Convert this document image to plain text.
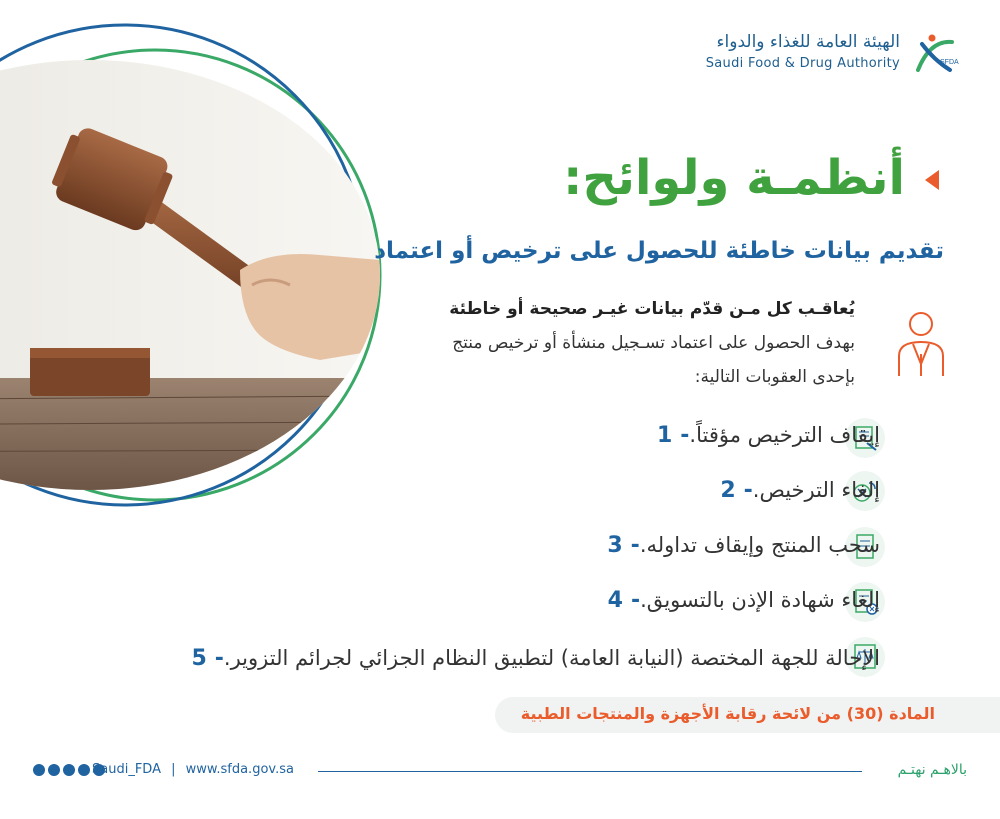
الهيئة العامة للغذاء والدواء
Saudi Food & Drug Authority	SFDA
أنظمـة ولوائح:
تقديم بيانات خاطئة للحصول على ترخيص أو اعتماد
يُعاقـب كل مـن قدّم بيانات غيـر صحيحة أو خاطئة بهدف الحصول على اعتماد تسـجيل منشأة أو ترخيص منتج بإحدى العقوبات التالية:
1 - إيقاف الترخيص مؤقتاً.
2 - إلغاء الترخيص.
3 - سحب المنتج وإيقاف تداوله.
4 - إلغاء شهادة الإذن بالتسويق.
5 - الإحالة للجهة المختصة (النيابة العامة) لتطبيق النظام الجزائي لجرائم التزوير.
المادة (30) من لائحة رقابة الأجهزة والمنتجات الطبية
Saudi_FDA | www.sfda.gov.sa	بالاهـم نهتـم
